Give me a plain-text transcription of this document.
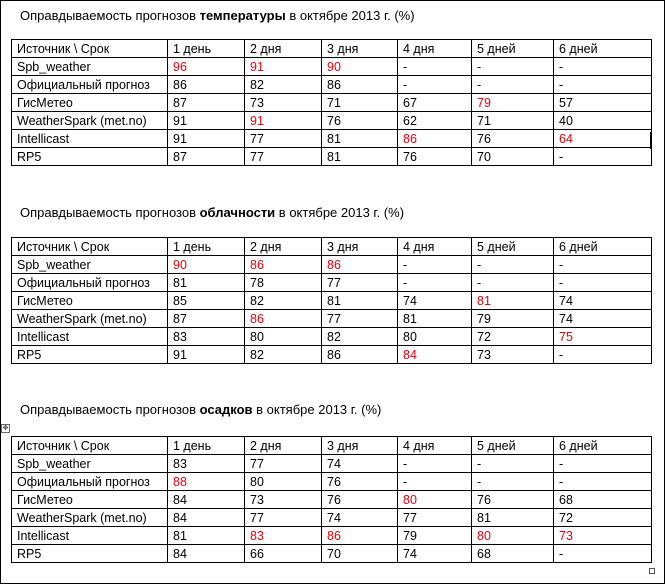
Оправдываемость прогнозов температуры в октябре 2013 г. (%)
Источник \ Срок	1 день	2 дня	3 дня	4 дня	5 дней	6 дней
Spb_weather	96	91	90	-	-	-
Официальный прогноз	86	82	86	-	-	-
ГисМетео	87	73	71	67	79	57
WeatherSpark (met.no)	91	91	76	62	71	40
Intellicast	91	77	81	86	76	64
RP5	87	77	81	76	70	-
Оправдываемость прогнозов облачности в октябре 2013 г. (%)
Источник \ Срок	1 день	2 дня	3 дня	4 дня	5 дней	6 дней
Spb_weather	90	86	86	-	-	-
Официальный прогноз	81	78	77	-	-	-
ГисМетео	85	82	81	74	81	74
WeatherSpark (met.no)	87	86	77	81	79	74
Intellicast	83	80	82	80	72	75
RP5	91	82	86	84	73	-
Оправдываемость прогнозов осадков в октябре 2013 г. (%)
✥
Источник \ Срок	1 день	2 дня	3 дня	4 дня	5 дней	6 дней
Spb_weather	83	77	74	-	-	-
Официальный прогноз	88	80	76	-	-	-
ГисМетео	84	73	76	80	76	68
WeatherSpark (met.no)	84	77	74	77	81	72
Intellicast	81	83	86	79	80	73
RP5	84	66	70	74	68	-
